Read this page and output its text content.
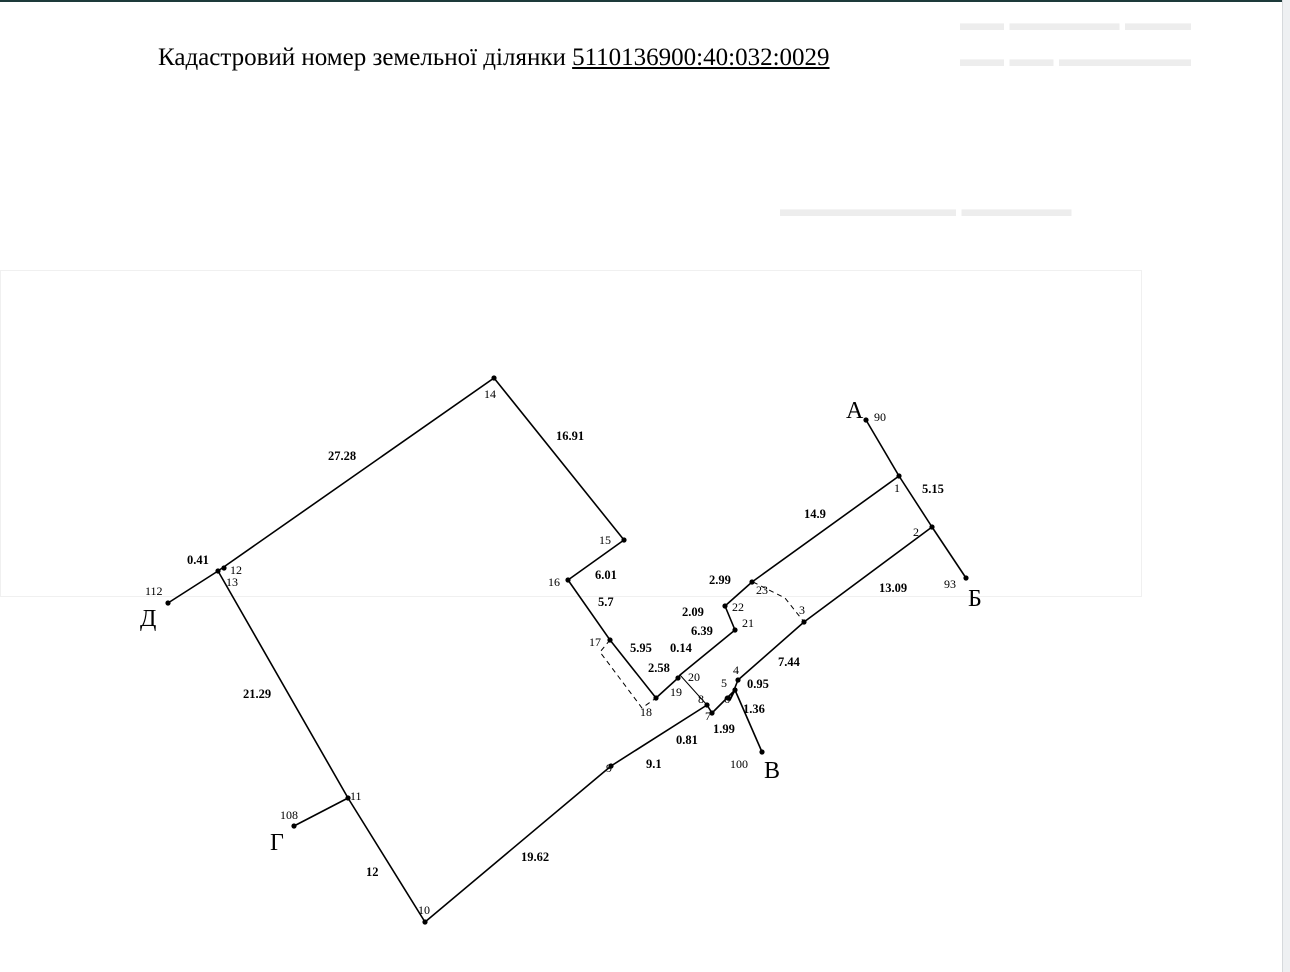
▬▬ ▬▬▬▬▬ ▬▬▬
▬▬ ▬▬ ▬▬▬▬▬▬
▬▬▬▬▬▬▬▬ ▬▬▬▬▬
Кадастровий номер земельної ділянки 5110136900:40:032:0029
14
15
16
17
18
19
20
21
22
23
1
2
3
4
5
6
7
8
9
10
11
12
13
90
93
100
108
112
27.28
16.91
0.41
21.29
12
19.62
9.1
0.81
1.99
1.36
0.95
7.44
13.09
5.15
14.9
2.99
2.09
6.39
0.14
5.95
2.58
5.7
6.01
А
Б
В
Г
Д
